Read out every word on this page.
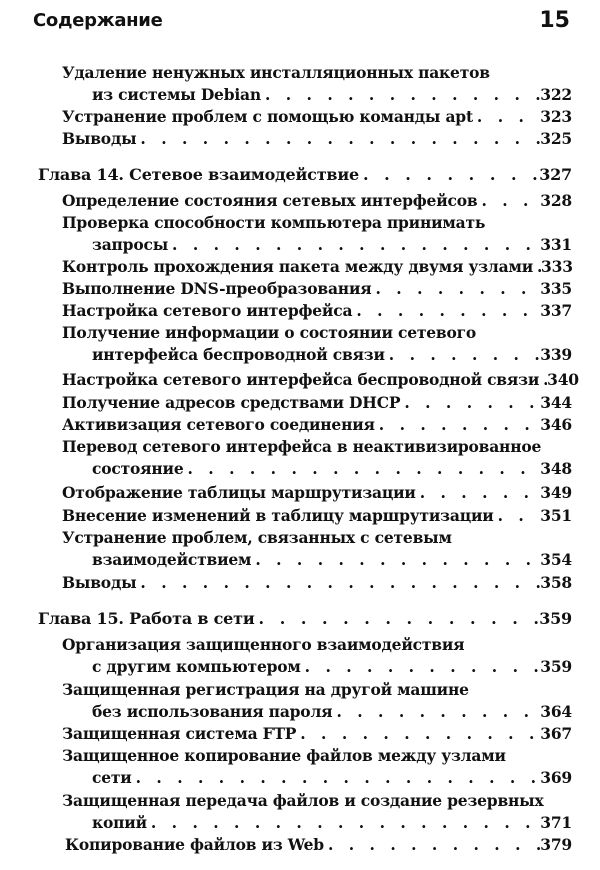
Содержание	15
Удаление ненужных инсталляционных пакетов
из системы Debian . . .	322
Устранение проблем с помощью команды apt . . .	323
Выводы . . .	325
Глава 14. Сетевое взаимодействие . . .	327
Определение состояния сетевых интерфейсов . . .	328
Проверка способности компьютера принимать
запросы . . .	331
Контроль прохождения пакета между двумя узлами . . . 333
Выполнение DNS-преобразования . . .	335
Настройка сетевого интерфейса . . .	337
Получение информации о состоянии сетевого
интерфейса беспроводной связи . . .	339
Настройка сетевого интерфейса беспроводной связи . . . 340
Получение адресов средствами DHCP . . .	344
Активизация сетевого соединения . . .	346
Перевод сетевого интерфейса в неактивизированное
состояние . . .	348
Отображение таблицы маршрутизации . . .	349
Внесение изменений в таблицу маршрутизации . . .	351
Устранение проблем, связанных с сетевым
взаимодействием . . .	354
Выводы . . .	358
Глава 15. Работа в сети . . .	359
Организация защищенного взаимодействия
с другим компьютером . . .	359
Защищенная регистрация на другой машине
без использования пароля . . .	364
Защищенная система FTP . . .	367
Защищенное копирование файлов между узлами
сети . . .	369
Защищенная передача файлов и создание резервных
копий . . .	371
Копирование файлов из Web . . .	379
